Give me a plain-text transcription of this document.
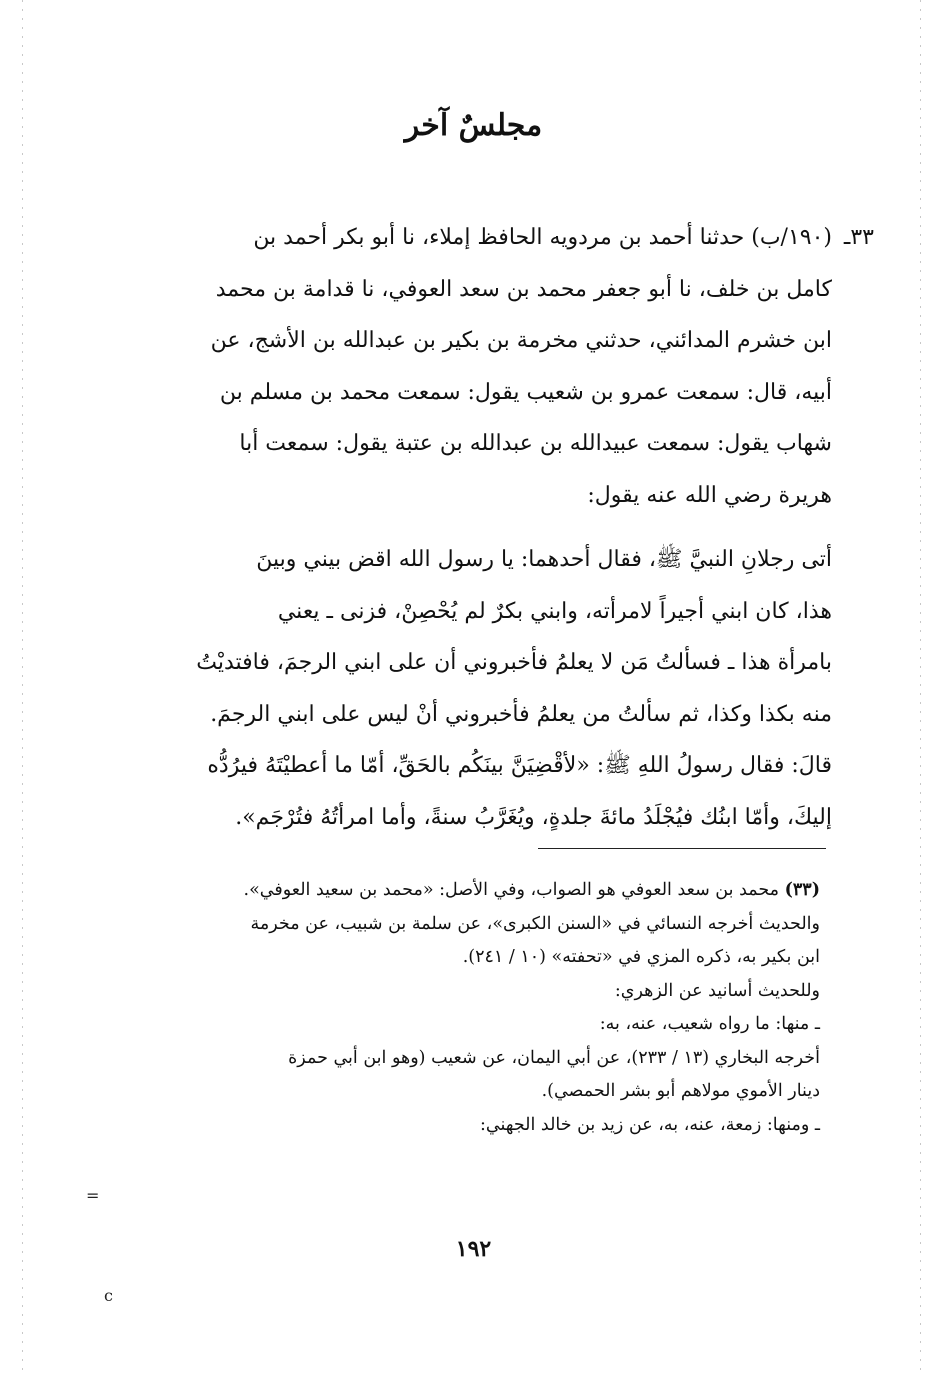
مجلسٌ آخر
٣٣ـ

(١٩٠/ب) حدثنا أحمد بن مردويه الحافظ إملاء، نا أبو بكر أحمد بن

كامل بن خلف، نا أبو جعفر محمد بن سعد العوفي، نا قدامة بن محمد

ابن خشرم المدائني، حدثني مخرمة بن بكير بن عبدالله بن الأشج، عن

أبيه، قال: سمعت عمرو بن شعيب يقول: سمعت محمد بن مسلم بن

شهاب يقول: سمعت عبيدالله بن عبدالله بن عتبة يقول: سمعت أبا

هريرة رضي الله عنه يقول:

أتى رجلانِ النبيَّ ﷺ، فقال أحدهما: يا رسول الله اقض بيني وبينَ

هذا، كان ابني أجيراً لامرأته، وابني بكرٌ لم يُحْصِنْ، فزنى ـ يعني

بامرأة هذا ـ فسألتُ مَن لا يعلمُ فأخبروني أن على ابني الرجمَ، فافتديْتُ

منه بكذا وكذا، ثم سألتُ من يعلمُ فأخبروني أنْ ليس على ابني الرجمَ.

قالَ: فقال رسولُ اللهِ ﷺ: «لأقْضِيَنَّ بينَكُم بالحَقِّ، أمّا ما أعطيْتَهُ فيرُدُّه

إليكَ، وأمّا ابنُك فيُجْلَدُ مائةَ جلدةٍ، ويُغَرَّبُ سنةً، وأما امرأتُهُ فتُرْجَم».

(٣٣) محمد بن سعد العوفي هو الصواب، وفي الأصل: «محمد بن سعيد العوفي».

والحديث أخرجه النسائي في «السنن الكبرى»، عن سلمة بن شبيب، عن مخرمة

ابن بكير به، ذكره المزي في «تحفته» (١٠ / ٢٤١).

وللحديث أسانيد عن الزهري:

ـ منها: ما رواه شعيب، عنه، به:

أخرجه البخاري (١٣ / ٢٣٣)، عن أبي اليمان، عن شعيب (وهو ابن أبي حمزة

دينار الأموي مولاهم أبو بشر الحمصي).

ـ ومنها: زمعة، عنه، به، عن زيد بن خالد الجهني:

١٩٢
=
c
